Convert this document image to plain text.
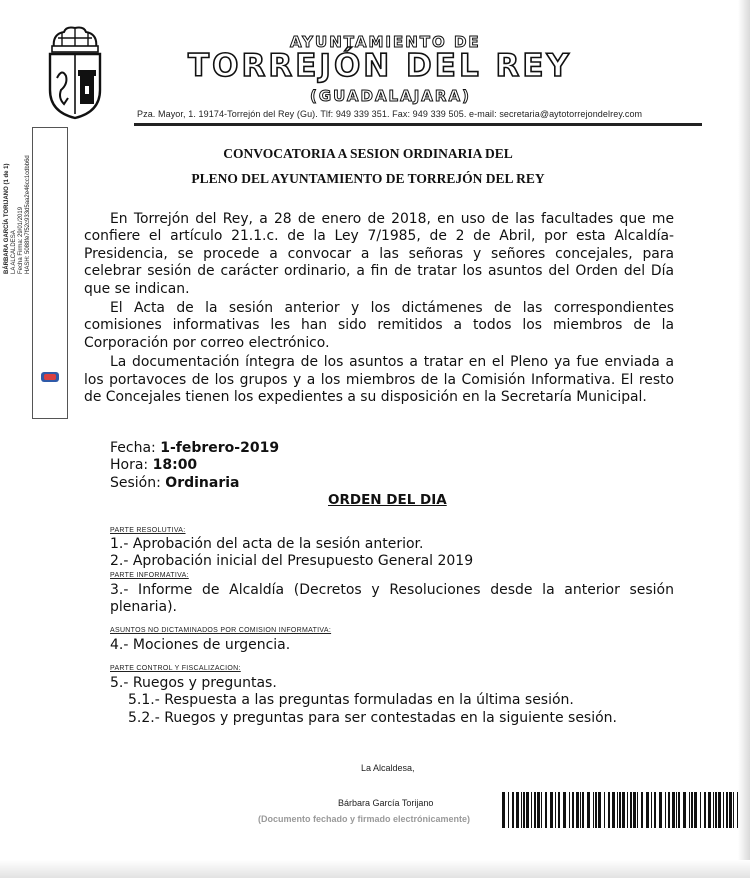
AYUNTAMIENTO DE
TORREJÓN DEL REY
(GUADALAJARA)
Pza. Mayor, 1. 19174-Torrejón del Rey (Gu). Tlf: 949 339 351. Fax: 949 339 505. e-mail: secretaria@aytotorrejondelrey.com
BÁRBARA GARCÍA TORIJANO (1 de 1) LA ALCALDESA Fecha Firma: 29/01/2019 HASH: 5088fe7f52c933d5aa2e46cc1cdbb6d
CONVOCATORIA A SESION ORDINARIA DEL
PLENO DEL AYUNTAMIENTO DE TORREJÓN DEL REY

En Torrejón del Rey, a 28 de enero de 2018, en uso de las facultades que me confiere el artículo 21.1.c. de la Ley 7/1985, de 2 de Abril, por esta Alcaldía-Presidencia, se procede a convocar a las señoras y señores concejales, para celebrar sesión de carácter ordinario, a fin de tratar los asuntos del Orden del Día que se indican.

El Acta de la sesión anterior y los dictámenes de las correspondientes comisiones informativas les han sido remitidos a todos los miembros de la Corporación por correo electrónico.

La documentación íntegra de los asuntos a tratar en el Pleno ya fue enviada a los portavoces de los grupos y a los miembros de la Comisión Informativa. El resto de Concejales tienen los expedientes a su disposición en la Secretaría Municipal.

Fecha: 1-febrero-2019
Hora: 18:00
Sesión: Ordinaria
ORDEN DEL DIA
PARTE RESOLUTIVA:
1.- Aprobación del acta de la sesión anterior.
2.- Aprobación inicial del Presupuesto General 2019
PARTE INFORMATIVA:
3.- Informe de Alcaldía (Decretos y Resoluciones desde la anterior sesión plenaria).
ASUNTOS NO DICTAMINADOS POR COMISION INFORMATIVA:
4.- Mociones de urgencia.
PARTE CONTROL Y FISCALIZACION:
5.- Ruegos y preguntas.
5.1.- Respuesta a las preguntas formuladas en la última sesión.
5.2.- Ruegos y preguntas para ser contestadas en la siguiente sesión.
La Alcaldesa,
Bárbara García Torijano
(Documento fechado y firmado electrónicamente)
